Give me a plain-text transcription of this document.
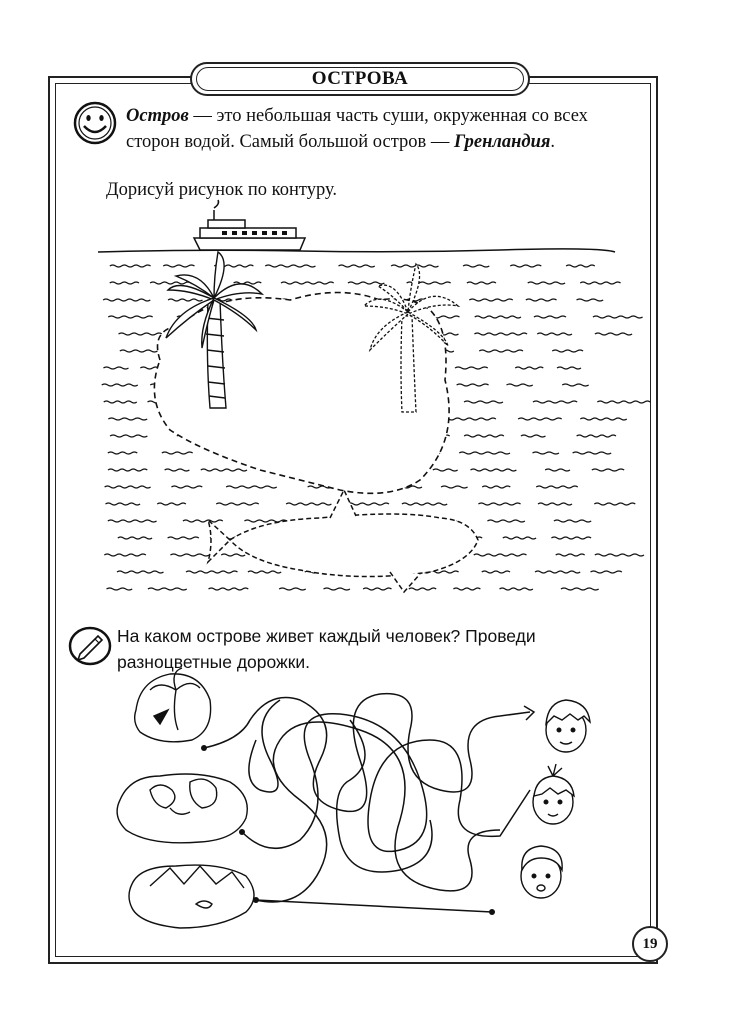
ОСТРОВА
Остров — это небольшая часть суши, окруженная со всех сторон водой. Самый большой остров — Гренландия.
Дорисуй рисунок по контуру.
На каком острове живет каждый человек? Проведи разноцветные дорожки.
19
